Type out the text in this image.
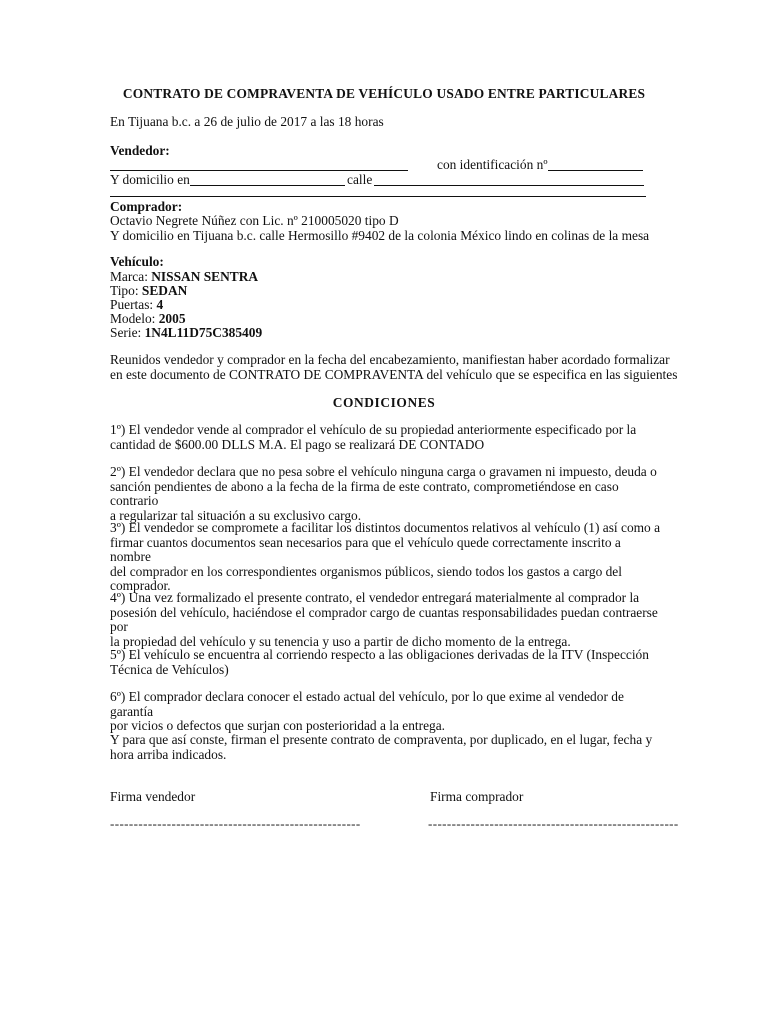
CONTRATO DE COMPRAVENTA DE VEHÍCULO USADO ENTRE PARTICULARES
En Tijuana b.c. a 26 de julio de 2017 a las 18 horas
Vendedor:
con identificación nº
Y domicilio en	calle
Comprador:
Octavio Negrete Núñez con Lic. nº 210005020 tipo D
Y domicilio en Tijuana b.c. calle Hermosillo #9402 de la colonia México lindo en colinas de la mesa
Vehículo:
Marca: NISSAN SENTRA
Tipo: SEDAN
Puertas: 4
Modelo: 2005
Serie: 1N4L11D75C385409
Reunidos vendedor y comprador en la fecha del encabezamiento, manifiestan haber acordado formalizar
en este documento de CONTRATO DE COMPRAVENTA del vehículo que se especifica en las siguientes
CONDICIONES

1º) El vendedor vende al comprador el vehículo de su propiedad anteriormente especificado por la

cantidad de $600.00 DLLS M.A. El pago se realizará DE CONTADO

2º) El vendedor declara que no pesa sobre el vehículo ninguna carga o gravamen ni impuesto, deuda o

sanción pendientes de abono a la fecha de la firma de este contrato, comprometiéndose en caso contrario

a regularizar tal situación a su exclusivo cargo.

3º) El vendedor se compromete a facilitar los distintos documentos relativos al vehículo (1) así como a

firmar cuantos documentos sean necesarios para que el vehículo quede correctamente inscrito a nombre

del comprador en los correspondientes organismos públicos, siendo todos los gastos a cargo del

comprador.

4º) Una vez formalizado el presente contrato, el vendedor entregará materialmente al comprador la

posesión del vehículo, haciéndose el comprador cargo de cuantas responsabilidades puedan contraerse por

la propiedad del vehículo y su tenencia y uso a partir de dicho momento de la entrega.

5º) El vehículo se encuentra al corriendo respecto a las obligaciones derivadas de la ITV (Inspección

Técnica de Vehículos)

6º) El comprador declara conocer el estado actual del vehículo, por lo que exime al vendedor de garantía

por vicios o defectos que surjan con posterioridad a la entrega.

Y para que así conste, firman el presente contrato de compraventa, por duplicado, en el lugar, fecha y

hora arriba indicados.

Firma vendedor	Firma comprador
-----------------------------------------------------	-----------------------------------------------------
